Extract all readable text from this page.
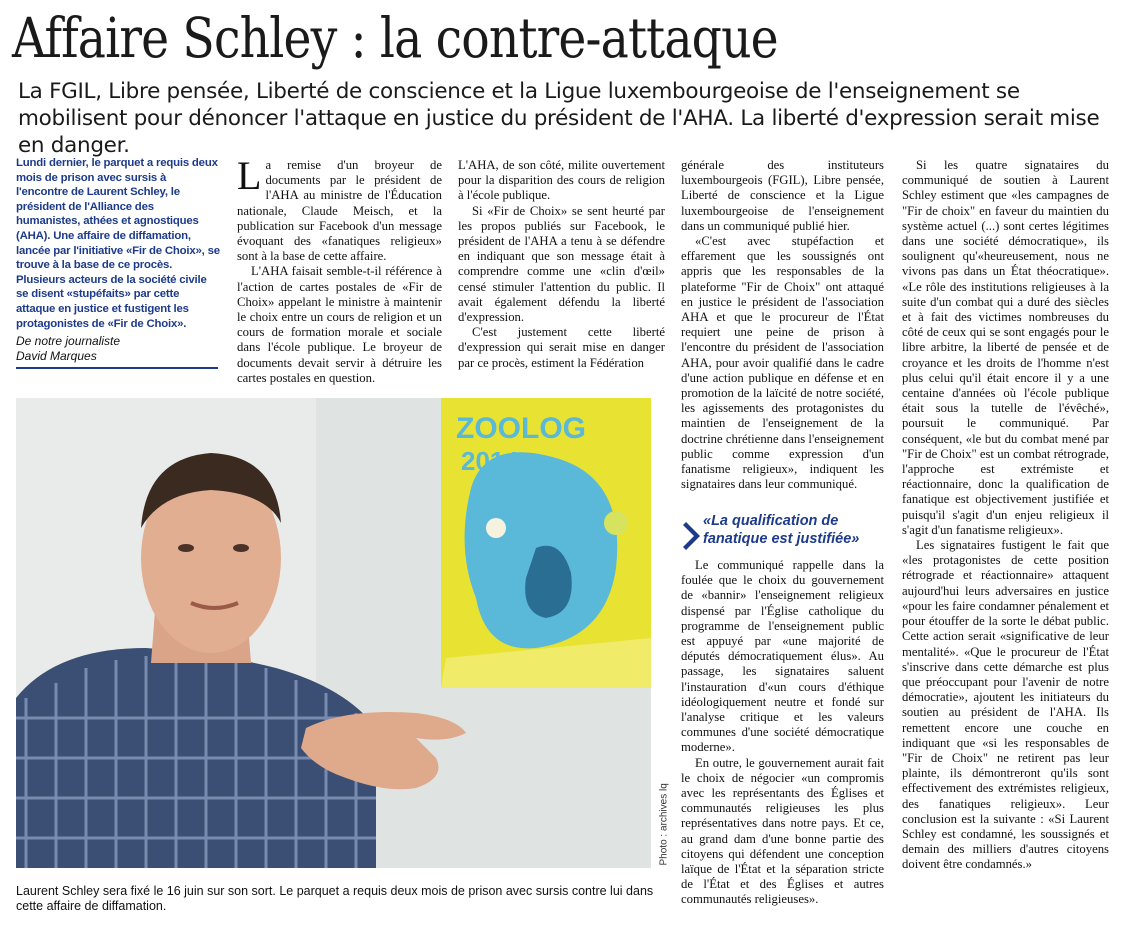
Affaire Schley : la contre-attaque
La FGIL, Libre pensée, Liberté de conscience et la Ligue luxembourgeoise de l'enseignement se mobilisent pour dénoncer l'attaque en justice du président de l'AHA. La liberté d'expression serait mise en danger.
Lundi dernier, le parquet a requis deux mois de prison avec sursis à l'encontre de Laurent Schley, le président de l'Alliance des humanistes, athées et agnostiques (AHA). Une affaire de diffamation, lancée par l'initiative «Fir de Choix», se trouve à la base de ce procès. Plusieurs acteurs de la société civile se disent «stupéfaits» par cette attaque en justice et fustigent les protagonistes de «Fir de Choix».
De notre journaliste
David Marques

La remise d'un broyeur de documents par le président de l'AHA au ministre de l'Éducation nationale, Claude Meisch, et la publication sur Facebook d'un message évoquant des «fanatiques religieux» sont à la base de cette affaire.

L'AHA faisait semble-t-il référence à l'action de cartes postales de «Fir de Choix» appelant le ministre à maintenir le choix entre un cours de religion et un cours de formation morale et sociale dans l'école publique. Le broyeur de documents devait servir à détruire les cartes postales en question.

L'AHA, de son côté, milite ouvertement pour la disparition des cours de religion à l'école publique.

Si «Fir de Choix» se sent heurté par les propos publiés sur Facebook, le président de l'AHA a tenu à se défendre en indiquant que son message était à comprendre comme une «clin d'œil» censé stimuler l'attention du public. Il avait également défendu la liberté d'expression.

C'est justement cette liberté d'expression qui serait mise en danger par ce procès, estiment la Fédération

générale des instituteurs luxembourgeois (FGIL), Libre pensée, Liberté de conscience et la Ligue luxembourgeoise de l'enseignement dans un communiqué publié hier.

«C'est avec stupéfaction et effarement que les soussignés ont appris que les responsables de la plateforme "Fir de Choix" ont attaqué en justice le président de l'association AHA et que le procureur de l'État requiert une peine de prison à l'encontre du président de l'association AHA, pour avoir qualifié dans le cadre d'une action publique en défense et en promotion de la laïcité de notre société, les agissements des protagonistes du maintien de l'enseignement de la doctrine chrétienne dans l'enseignement public comme expression d'un fanatisme religieux», indiquent les signataires dans leur communiqué.

«La qualification de fanatique est justifiée»

Le communiqué rappelle dans la foulée que le choix du gouvernement de «bannir» l'enseignement religieux dispensé par l'Église catholique du programme de l'enseignement public est appuyé par «une majorité de députés démocratiquement élus». Au passage, les signataires saluent l'instauration d'«un cours d'éthique idéologiquement neutre et fondé sur l'analyse critique et les valeurs communes d'une société démocratique moderne».

En outre, le gouvernement aurait fait le choix de négocier «un compromis avec les représentants des Églises et communautés religieuses les plus représentatives dans notre pays. Et ce, au grand dam d'une bonne partie des citoyens qui défendent une conception laïque de l'État et la séparation stricte de l'État et des Églises et autres communautés religieuses».

Si les quatre signataires du communiqué de soutien à Laurent Schley estiment que «les campagnes de "Fir de choix" en faveur du maintien du système actuel (...) sont certes légitimes dans une société démocratique», ils soulignent qu'«heureusement, nous ne vivons pas dans un État théocratique». «Le rôle des institutions religieuses à la suite d'un combat qui a duré des siècles et à fait des victimes nombreuses du côté de ceux qui se sont engagés pour le libre arbitre, la liberté de pensée et de croyance et les droits de l'homme n'est plus celui qu'il était encore il y a une centaine d'années où l'école publique était sous la tutelle de l'évêché», poursuit le communiqué. Par conséquent, «le but du combat mené par "Fir de Choix" est un combat rétrograde, l'approche est extrémiste et réactionnaire, donc la qualification de fanatique est objectivement justifiée et puisqu'il s'agit d'un enjeu religieux il s'agit d'un fanatisme religieux».

Les signataires fustigent le fait que «les protagonistes de cette position rétrograde et réactionnaire» attaquent aujourd'hui leurs adversaires en justice «pour les faire condamner pénalement et pour étouffer de la sorte le débat public. Cette action serait «significative de leur mentalité». «Que le procureur de l'État s'inscrive dans cette démarche est plus que préoccupant pour l'avenir de notre démocratie», ajoutent les initiateurs du soutien au président de l'AHA. Ils remettent encore une couche en indiquant que «si les responsables de "Fir de Choix" ne retirent pas leur plainte, ils démontreront qu'ils sont effectivement des extrémistes religieux, des fanatiques religieux». Leur conclusion est la suivante : «Si Laurent Schley est condamné, les soussignés et demain des milliers d'autres citoyens doivent être condamnés.»

ZOOLOG
2014
Photo : archives lq
Laurent Schley sera fixé le 16 juin sur son sort. Le parquet a requis deux mois de prison avec sursis contre lui dans cette affaire de diffamation.
